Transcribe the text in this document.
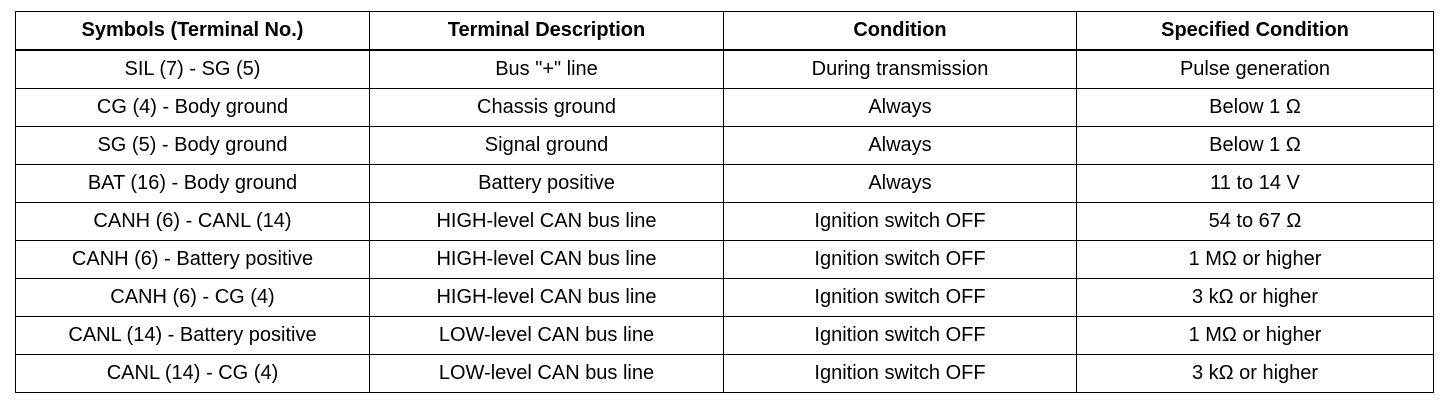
Symbols (Terminal No.)	Terminal Description	Condition	Specified Condition
SIL (7) - SG (5)	Bus "+" line	During transmission	Pulse generation
CG (4) - Body ground	Chassis ground	Always	Below 1 Ω
SG (5) - Body ground	Signal ground	Always	Below 1 Ω
BAT (16) - Body ground	Battery positive	Always	11 to 14 V
CANH (6) - CANL (14)	HIGH-level CAN bus line	Ignition switch OFF	54 to 67 Ω
CANH (6) - Battery positive	HIGH-level CAN bus line	Ignition switch OFF	1 MΩ or higher
CANH (6) - CG (4)	HIGH-level CAN bus line	Ignition switch OFF	3 kΩ or higher
CANL (14) - Battery positive	LOW-level CAN bus line	Ignition switch OFF	1 MΩ or higher
CANL (14) - CG (4)	LOW-level CAN bus line	Ignition switch OFF	3 kΩ or higher
